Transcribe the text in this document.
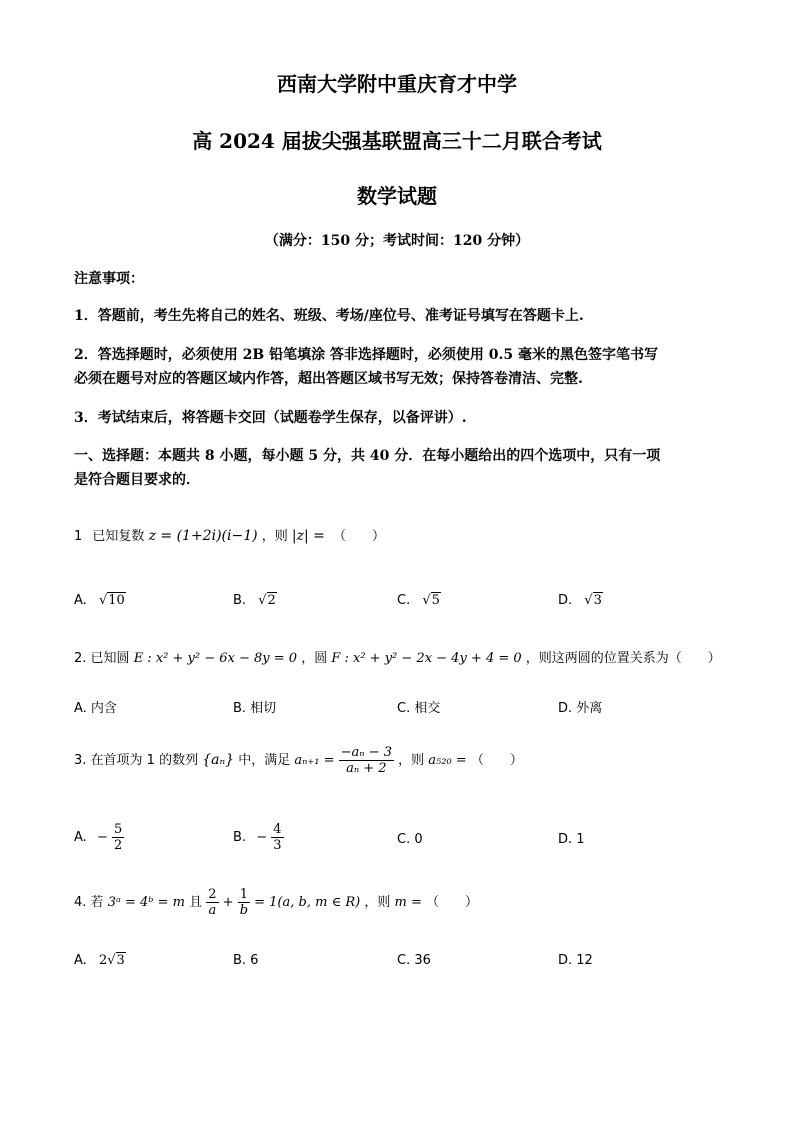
西南大学附中重庆育才中学
高 2024 届拔尖强基联盟高三十二月联合考试
数学试题
（满分：150 分；考试时间：120 分钟）
注意事项：
1．答题前，考生先将自己的姓名、班级、考场/座位号、准考证号填写在答题卡上.
2．答选择题时，必须使用 2B 铅笔填涂 答非选择题时，必须使用 0.5 毫米的黑色签字笔书写
必须在题号对应的答题区域内作答，超出答题区域书写无效；保持答卷清洁、完整.
3．考试结束后，将答题卡交回（试题卷学生保存，以备评讲）.
一、选择题：本题共 8 小题，每小题 5 分，共 40 分．在每小题给出的四个选项中，只有一项
是符合题目要求的．
1 已知复数 z = (1+2i)(i−1) ，则 |z| = （　　）
A. √10	B. √2	C. √5	D. √3
2. 已知圆 E : x² + y² − 6x − 8y = 0 ，圆 F : x² + y² − 2x − 4y + 4 = 0 ，则这两圆的位置关系为（　　）
A. 内含	B. 相切	C. 相交	D. 外离
3. 在首项为 1 的数列 {aₙ} 中，满足 $a_{n+1} = \frac{\text{−aₙ − 3}}{\text{aₙ + 2}}$ ，则 a₅₂₀ = （　　）
A. − $\frac{5}{2}$	B. − $\frac{4}{3}$	C. 0	D. 1
4. 若 3ᵃ = 4ᵇ = m 且 $\frac{2}{a} + \frac{1}{b} = 1(a$, b, m ∈ R) ，则 m = （　　）
A. 2√3	B. 6	C. 36	D. 12
